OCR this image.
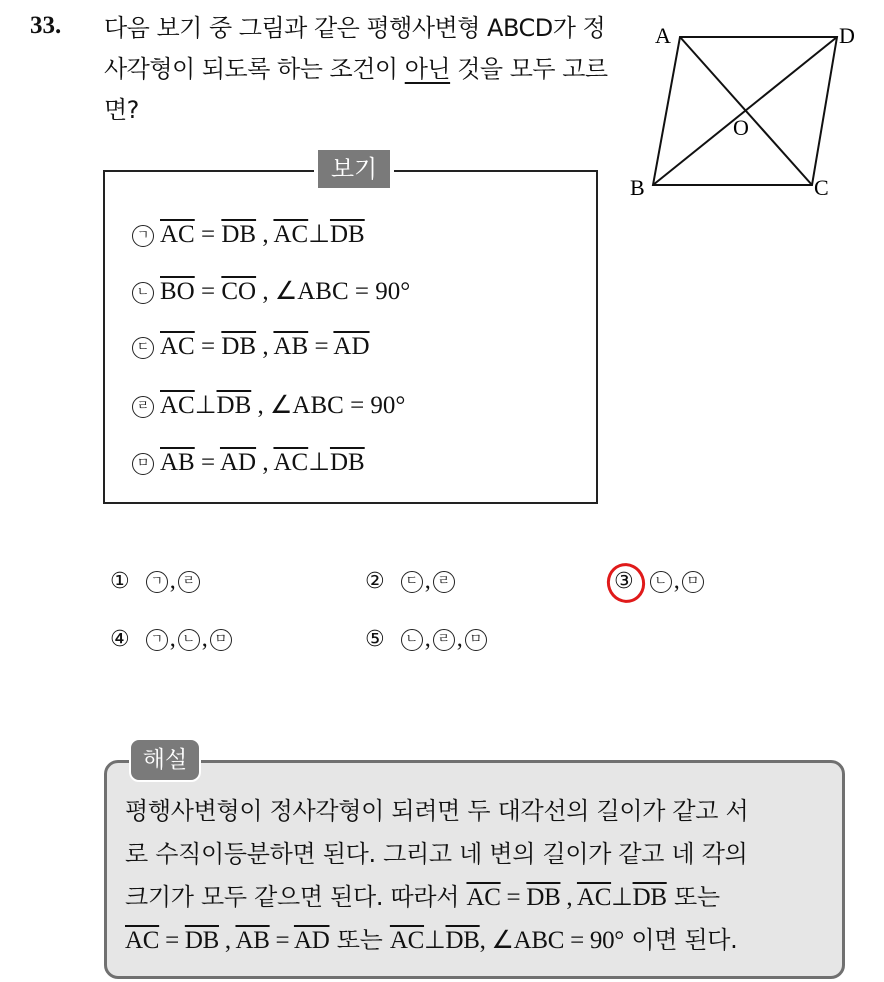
33. 다음 보기 중 그림과 같은 평행사변형 ABCD가 정사각형이 되도록 하는 조건이 아닌 것을 모두 고르면?
A	D
B	C
O
보기
ㄱ $\overline{AC} = \overline{DB}$ , $\overline{AC}\perp\overline{DB}$
ㄴ $\overline{BO} = \overline{CO}$ , ∠ABC = 90°
ㄷ $\overline{AC} = \overline{DB}$ , $\overline{AB} = \overline{AD}$
ㄹ $\overline{AC}\perp\overline{DB}$ , ∠ABC = 90°
ㅁ $\overline{AB} = \overline{AD}$ , $\overline{AC}\perp\overline{DB}$
① ㄱ , ㄹ	② ㄷ , ㄹ	③ ㄴ , ㅁ
④ ㄱ , ㄴ , ㅁ	⑤ ㄴ , ㄹ , ㅁ
해설
평행사변형이 정사각형이 되려면 두 대각선의 길이가 같고 서
로 수직이등분하면 된다. 그리고 네 변의 길이가 같고 네 각의
크기가 모두 같으면 된다. 따라서 $\overline{AC} = \overline{DB}$ , $\overline{AC}\perp\overline{DB}$ 또는
$\overline{AC} = \overline{DB}$ , $\overline{AB} = \overline{AD}$ 또는 $\overline{AC}\perp\overline{DB}$, ∠ABC = 90° 이면 된다.
